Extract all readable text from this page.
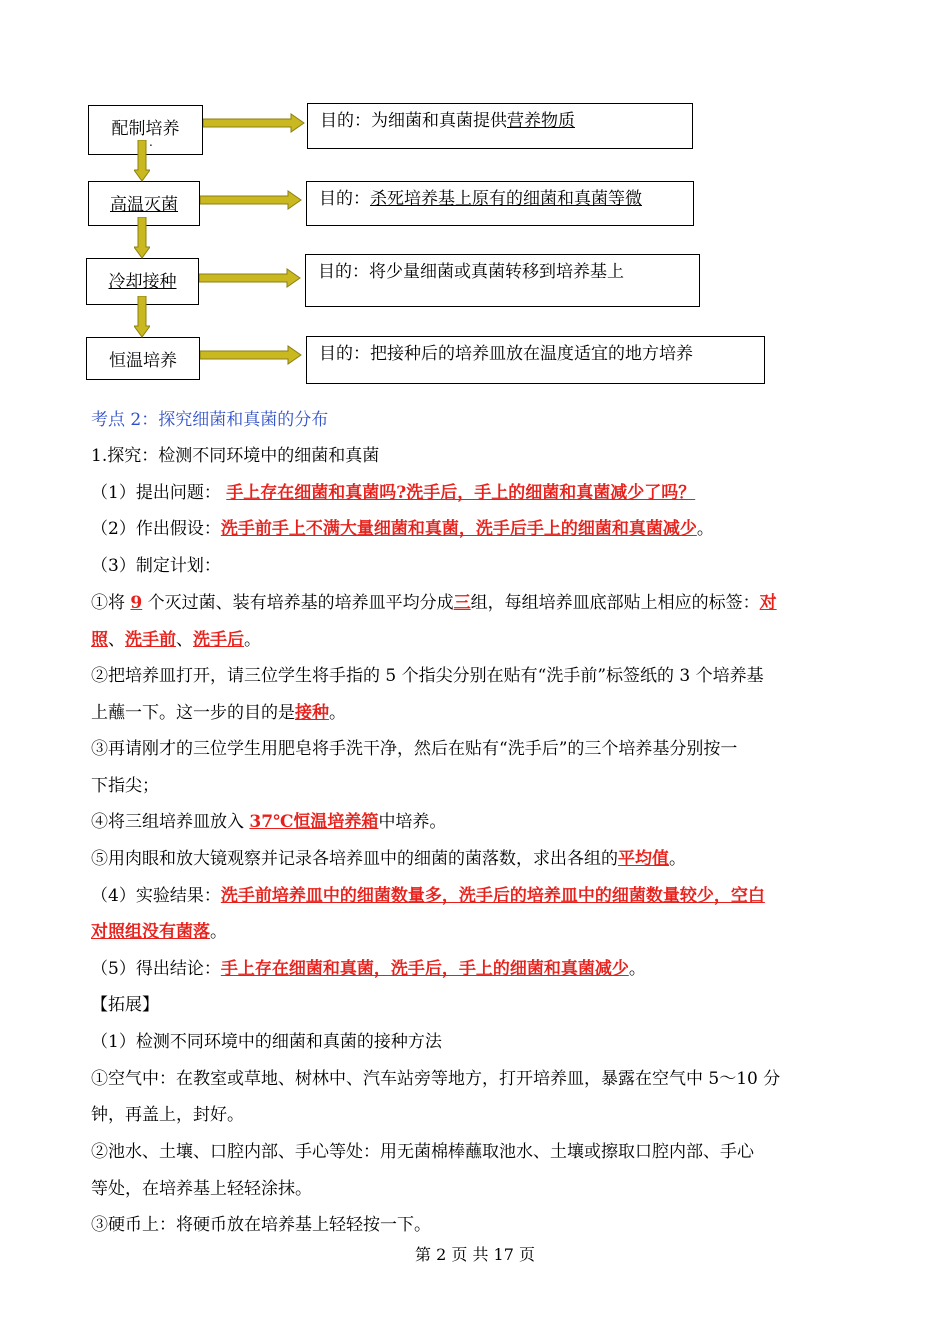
配制培养
.
高温灭菌
冷却接种
恒温培养
目的：为细菌和真菌提供营养物质
目的：杀死培养基上原有的细菌和真菌等微
目的：将少量细菌或真菌转移到培养基上
目的：把接种后的培养皿放在温度适宜的地方培养
考点 2：探究细菌和真菌的分布
1.探究：检测不同环境中的细菌和真菌
（1）提出问题： 手上存在细菌和真菌吗?洗手后，手上的细菌和真菌减少了吗？
（2）作出假设：洗手前手上不满大量细菌和真菌，洗手后手上的细菌和真菌减少。
（3）制定计划：
①将 9 个灭过菌、装有培养基的培养皿平均分成三组，每组培养皿底部贴上相应的标签：对
照、洗手前、洗手后。
②把培养皿打开，请三位学生将手指的 5 个指尖分别在贴有“洗手前”标签纸的 3 个培养基
上蘸一下。这一步的目的是接种。
③再请刚才的三位学生用肥皂将手洗干净，然后在贴有“洗手后”的三个培养基分别按一
下指尖；
④将三组培养皿放入 37℃恒温培养箱中培养。
⑤用肉眼和放大镜观察并记录各培养皿中的细菌的菌落数，求出各组的平均值。
（4）实验结果：洗手前培养皿中的细菌数量多，洗手后的培养皿中的细菌数量较少，空白
对照组没有菌落。
（5）得出结论：手上存在细菌和真菌，洗手后，手上的细菌和真菌减少。
【拓展】
（1）检测不同环境中的细菌和真菌的接种方法
①空气中：在教室或草地、树林中、汽车站旁等地方，打开培养皿，暴露在空气中 5～10 分
钟，再盖上，封好。
②池水、土壤、口腔内部、手心等处：用无菌棉棒蘸取池水、土壤或擦取口腔内部、手心
等处，在培养基上轻轻涂抹。
③硬币上：将硬币放在培养基上轻轻按一下。
第 2 页 共 17 页
